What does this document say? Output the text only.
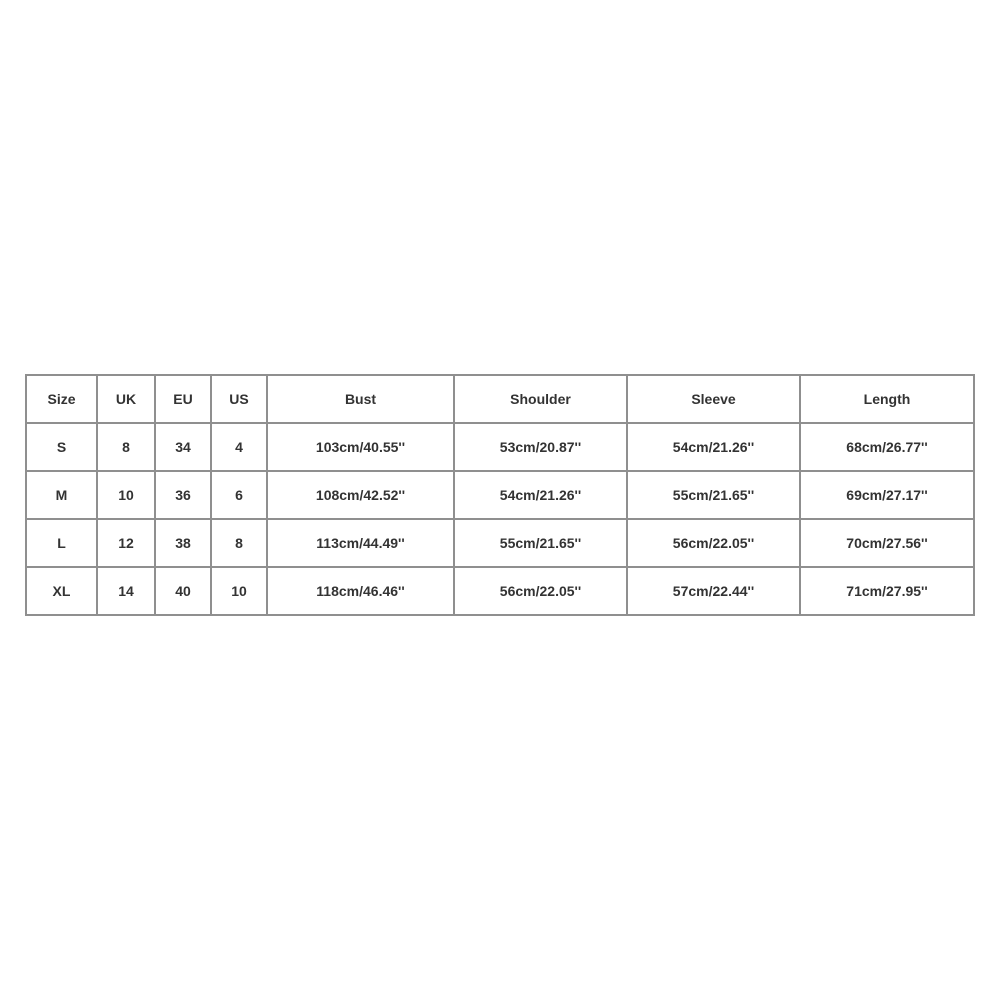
Size	UK	EU	US	Bust	Shoulder	Sleeve	Length
S	8	34	4	103cm/40.55''	53cm/20.87''	54cm/21.26''	68cm/26.77''
M	10	36	6	108cm/42.52''	54cm/21.26''	55cm/21.65''	69cm/27.17''
L	12	38	8	113cm/44.49''	55cm/21.65''	56cm/22.05''	70cm/27.56''
XL	14	40	10	118cm/46.46''	56cm/22.05''	57cm/22.44''	71cm/27.95''
